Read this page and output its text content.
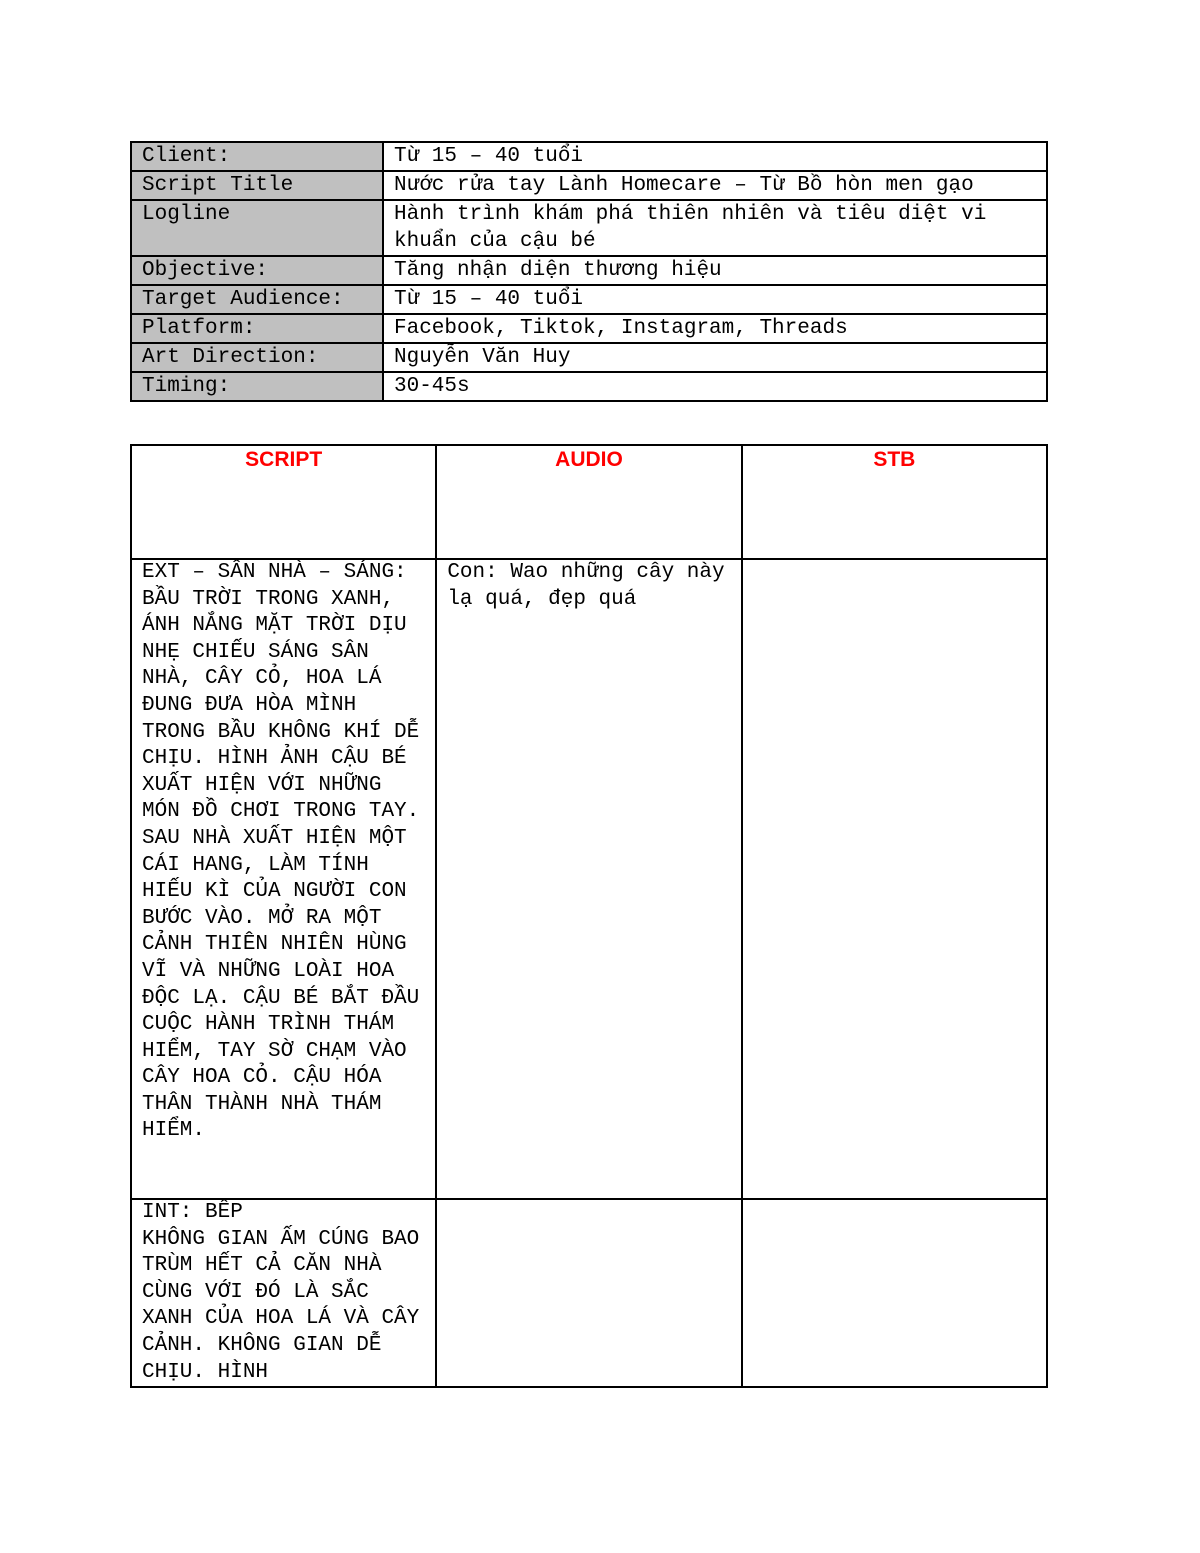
Client:	Từ 15 – 40 tuổi
Script Title	Nước rửa tay Lành Homecare – Từ Bồ hòn men gạo
Logline	Hành trình khám phá thiên nhiên và tiêu diệt vi khuẩn của cậu bé
Objective:	Tăng nhận diện thương hiệu
Target Audience:	Từ 15 – 40 tuổi
Platform:	Facebook, Tiktok, Instagram, Threads
Art Direction:	Nguyễn Văn Huy
Timing:	30-45s
SCRIPT	AUDIO	STB
EXT – SÂN NHÀ – SÁNG:
BẦU TRỜI TRONG XANH, ÁNH NẮNG MẶT TRỜI DỊU NHẸ CHIẾU SÁNG SÂN NHÀ, CÂY CỎ, HOA LÁ ĐUNG ĐƯA HÒA MÌNH TRONG BẦU KHÔNG KHÍ DỄ CHỊU. HÌNH ẢNH CẬU BÉ XUẤT HIỆN VỚI NHỮNG MÓN ĐỒ CHƠI TRONG TAY. SAU NHÀ XUẤT HIỆN MỘT CÁI HANG, LÀM TÍNH HIẾU KÌ CỦA NGƯỜI CON BƯỚC VÀO. MỞ RA MỘT CẢNH THIÊN NHIÊN HÙNG VĨ VÀ NHỮNG LOÀI HOA ĐỘC LẠ. CẬU BÉ BẮT ĐẦU CUỘC HÀNH TRÌNH THÁM HIỂM, TAY SỜ CHẠM VÀO CÂY HOA CỎ. CẬU HÓA THÂN THÀNH NHÀ THÁM HIỂM.	Con: Wao những cây này lạ quá, đẹp quá	
INT: BẾP
KHÔNG GIAN ẤM CÚNG BAO TRÙM HẾT CẢ CĂN NHÀ CÙNG VỚI ĐÓ LÀ SẮC XANH CỦA HOA LÁ VÀ CÂY CẢNH. KHÔNG GIAN DỄ CHỊU. HÌNH		
